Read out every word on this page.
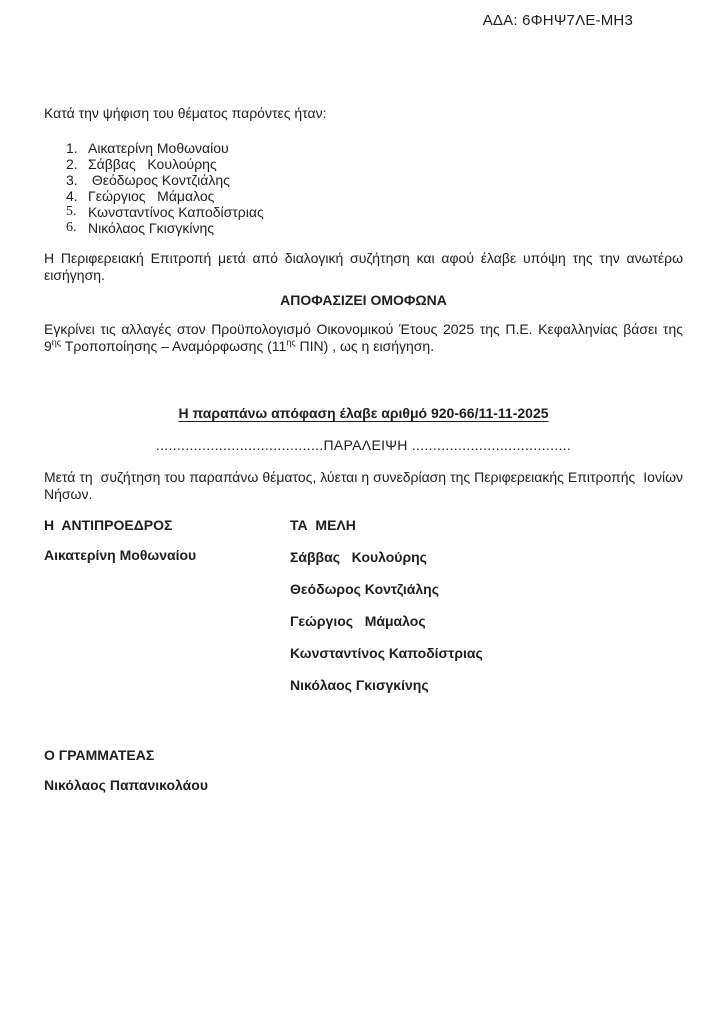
ΑΔΑ: 6ΦΗΨ7ΛΕ-ΜΗ3
Κατά την ψήφιση του θέματος παρόντες ήταν:
1. Αικατερίνη Μοθωναίου
2. Σάββας   Κουλούρης
3. Θεόδωρος Κοντζιάλης
4. Γεώργιος   Μάμαλος
5. Κωνσταντίνος Καποδίστριας
6. Νικόλαος Γκισγκίνης
Η Περιφερειακή Επιτροπή μετά από διαλογική συζήτηση και αφού έλαβε υπόψη της την ανωτέρω εισήγηση.
ΑΠΟΦΑΣΙΖΕΙ ΟΜΟΦΩΝΑ
Εγκρίνει τις αλλαγές στον Προϋπολογισμό Οικονομικού Έτους 2025 της Π.Ε. Κεφαλληνίας βάσει της $9^{\eta\varsigma}$ Τροποποίησης – Αναμόρφωσης ($11^{\eta\varsigma}$ ΠΙΝ) , ως η εισήγηση.
Η παραπάνω απόφαση έλαβε αριθμό 920-66/11-11-2025
........................................ΠΑΡΑΛΕΙΨΗ ......................................
Μετά τη  συζήτηση του παραπάνω θέματος, λύεται η συνεδρίαση της Περιφερειακής Επιτροπής  Ιονίων Νήσων.
Η  ΑΝΤΙΠΡΟΕΔΡΟΣ
Αικατερίνη Μοθωναίου
ΤΑ  ΜΕΛΗ
Σάββας   Κουλούρης
Θεόδωρος Κοντζιάλης
Γεώργιος   Μάμαλος
Κωνσταντίνος Καποδίστριας
Νικόλαος Γκισγκίνης
Ο ΓΡΑΜΜΑΤΕΑΣ
Νικόλαος Παπανικολάου
